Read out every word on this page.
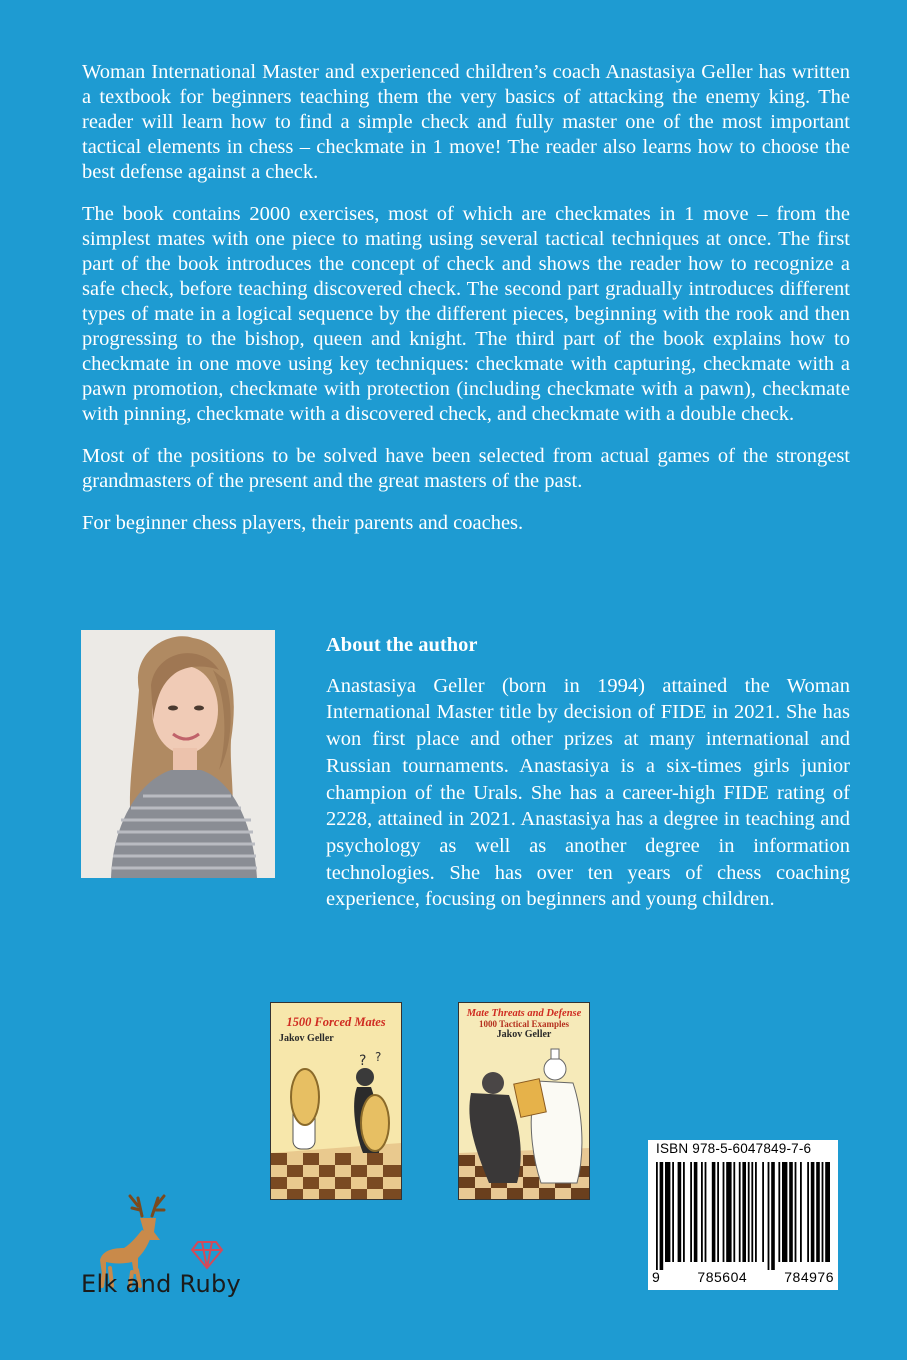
Woman International Master and experienced children’s coach Anastasiya Geller has written a textbook for beginners teaching them the very basics of attacking the enemy king. The reader will learn how to find a simple check and fully master one of the most important tactical elements in chess – checkmate in 1 move! The reader also learns how to choose the best defense against a check.

The book contains 2000 exercises, most of which are checkmates in 1 move – from the simplest mates with one piece to mating using several tactical techniques at once. The first part of the book introduces the concept of check and shows the reader how to recognize a safe check, before teaching discovered check. The second part gradually introduces different types of mate in a logical sequence by the different pieces, beginning with the rook and then progressing to the bishop, queen and knight. The third part of the book explains how to checkmate in one move using key techniques: checkmate with capturing, checkmate with a pawn promotion, checkmate with protection (including checkmate with a pawn), checkmate with pinning, checkmate with a discovered check, and checkmate with a double check.

Most of the positions to be solved have been selected from actual games of the strongest grandmasters of the present and the great masters of the past.

For beginner chess players, their parents and coaches.

About the author

Anastasiya Geller (born in 1994) attained the Woman International Master title by decision of FIDE in 2021. She has won first place and other prizes at many international and Russian tournaments. Anastasiya is a six-times girls junior champion of the Urals. She has a career-high FIDE rating of 2228, attained in 2021. Anastasiya has a degree in teaching and psychology as well as another degree in information technologies. She has over ten years of chess coaching experience, focusing on beginners and young children.

? ?
1500 Forced Mates
Jakov Geller
Mate Threats and Defense
1000 Tactical Examples
Jakov Geller
ISBN 978-5-6047849-7-6
9	785604	784976
Elk and Ruby
